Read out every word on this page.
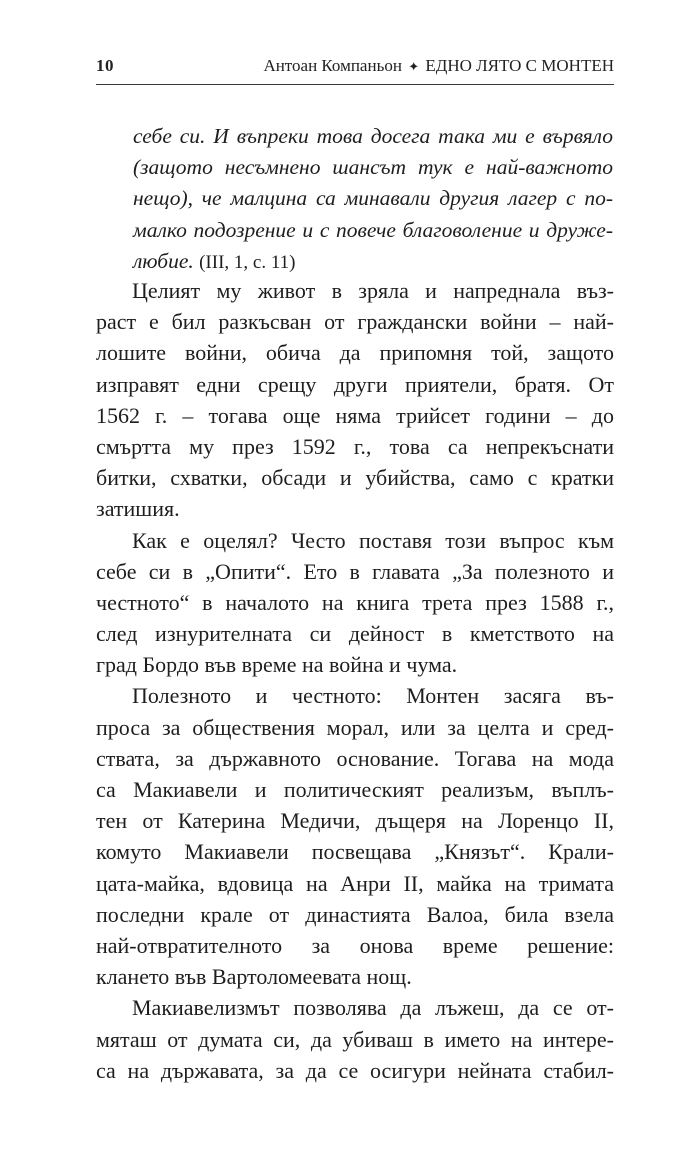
10	Антоан Компаньон ✦ ЕДНО ЛЯТО С МОНТЕН
себе си. И въпреки това досега така ми е вървяло
(защото несъмнено шансът тук е най-важното
нещо), че малцина са минавали другия лагер с по-
малко подозрение и с повече благоволение и друже-
любие. (III, 1, с. 11)
Целият му живот в зряла и напреднала въз-
раст е бил разкъсван от граждански войни – най-
лошите войни, обича да припомня той, защото
изправят едни срещу други приятели, братя. От
1562 г. – тогава още няма трийсет години – до
смъртта му през 1592 г., това са непрекъснати
битки, схватки, обсади и убийства, само с кратки
затишия.
Как е оцелял? Често поставя този въпрос към
себе си в „Опити“. Ето в главата „За полезното и
честното“ в началото на книга трета през 1588 г.,
след изнурителната си дейност в кметството на
град Бордо във време на война и чума.
Полезното и честното: Монтен засяга въ-
проса за обществения морал, или за целта и сред-
ствата, за държавното основание. Тогава на мода
са Макиавели и политическият реализъм, въплъ-
тен от Катерина Медичи, дъщеря на Лоренцо II,
комуто Макиавели посвещава „Князът“. Крали-
цата-майка, вдовица на Анри II, майка на тримата
последни крале от династията Валоа, била взела
най-отвратителното за онова време решение:
клането във Вартоломеевата нощ.
Макиавелизмът позволява да лъжеш, да се от-
мяташ от думата си, да убиваш в името на интере-
са на държавата, за да се осигури нейната стабил-
